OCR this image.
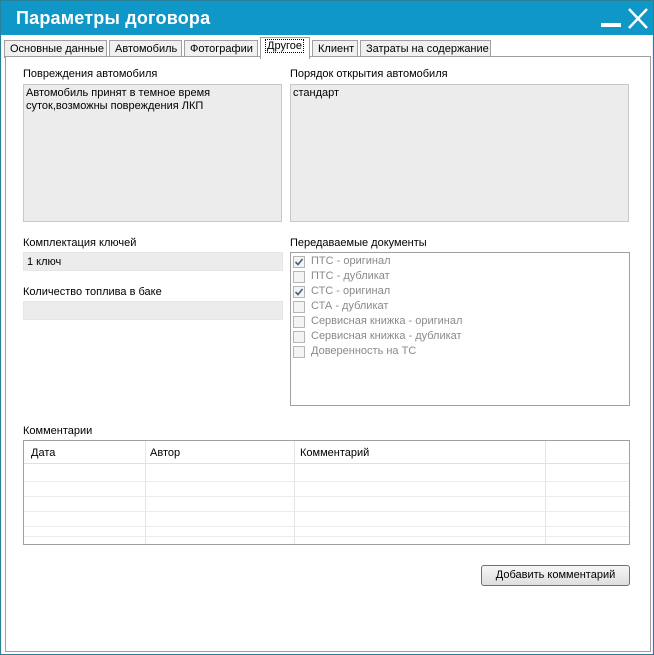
Параметры договора
Основные данные	Автомобиль	Фотографии	Другое	Клиент	Затраты на содержание
Повреждения автомобиля
Автомобиль принят в темное время
суток,возможны повреждения ЛКП
Порядок открытия автомобиля
стандарт
Комплектация ключей
1 ключ
Количество топлива в баке
Передаваемые документы
ПТС - оригинал
ПТС - дубликат
СТС - оригинал
СТА - дубликат
Сервисная книжка - оригинал
Сервисная книжка - дубликат
Доверенность на ТС
Комментарии
Дата	Автор	Комментарий
Добавить комментарий
